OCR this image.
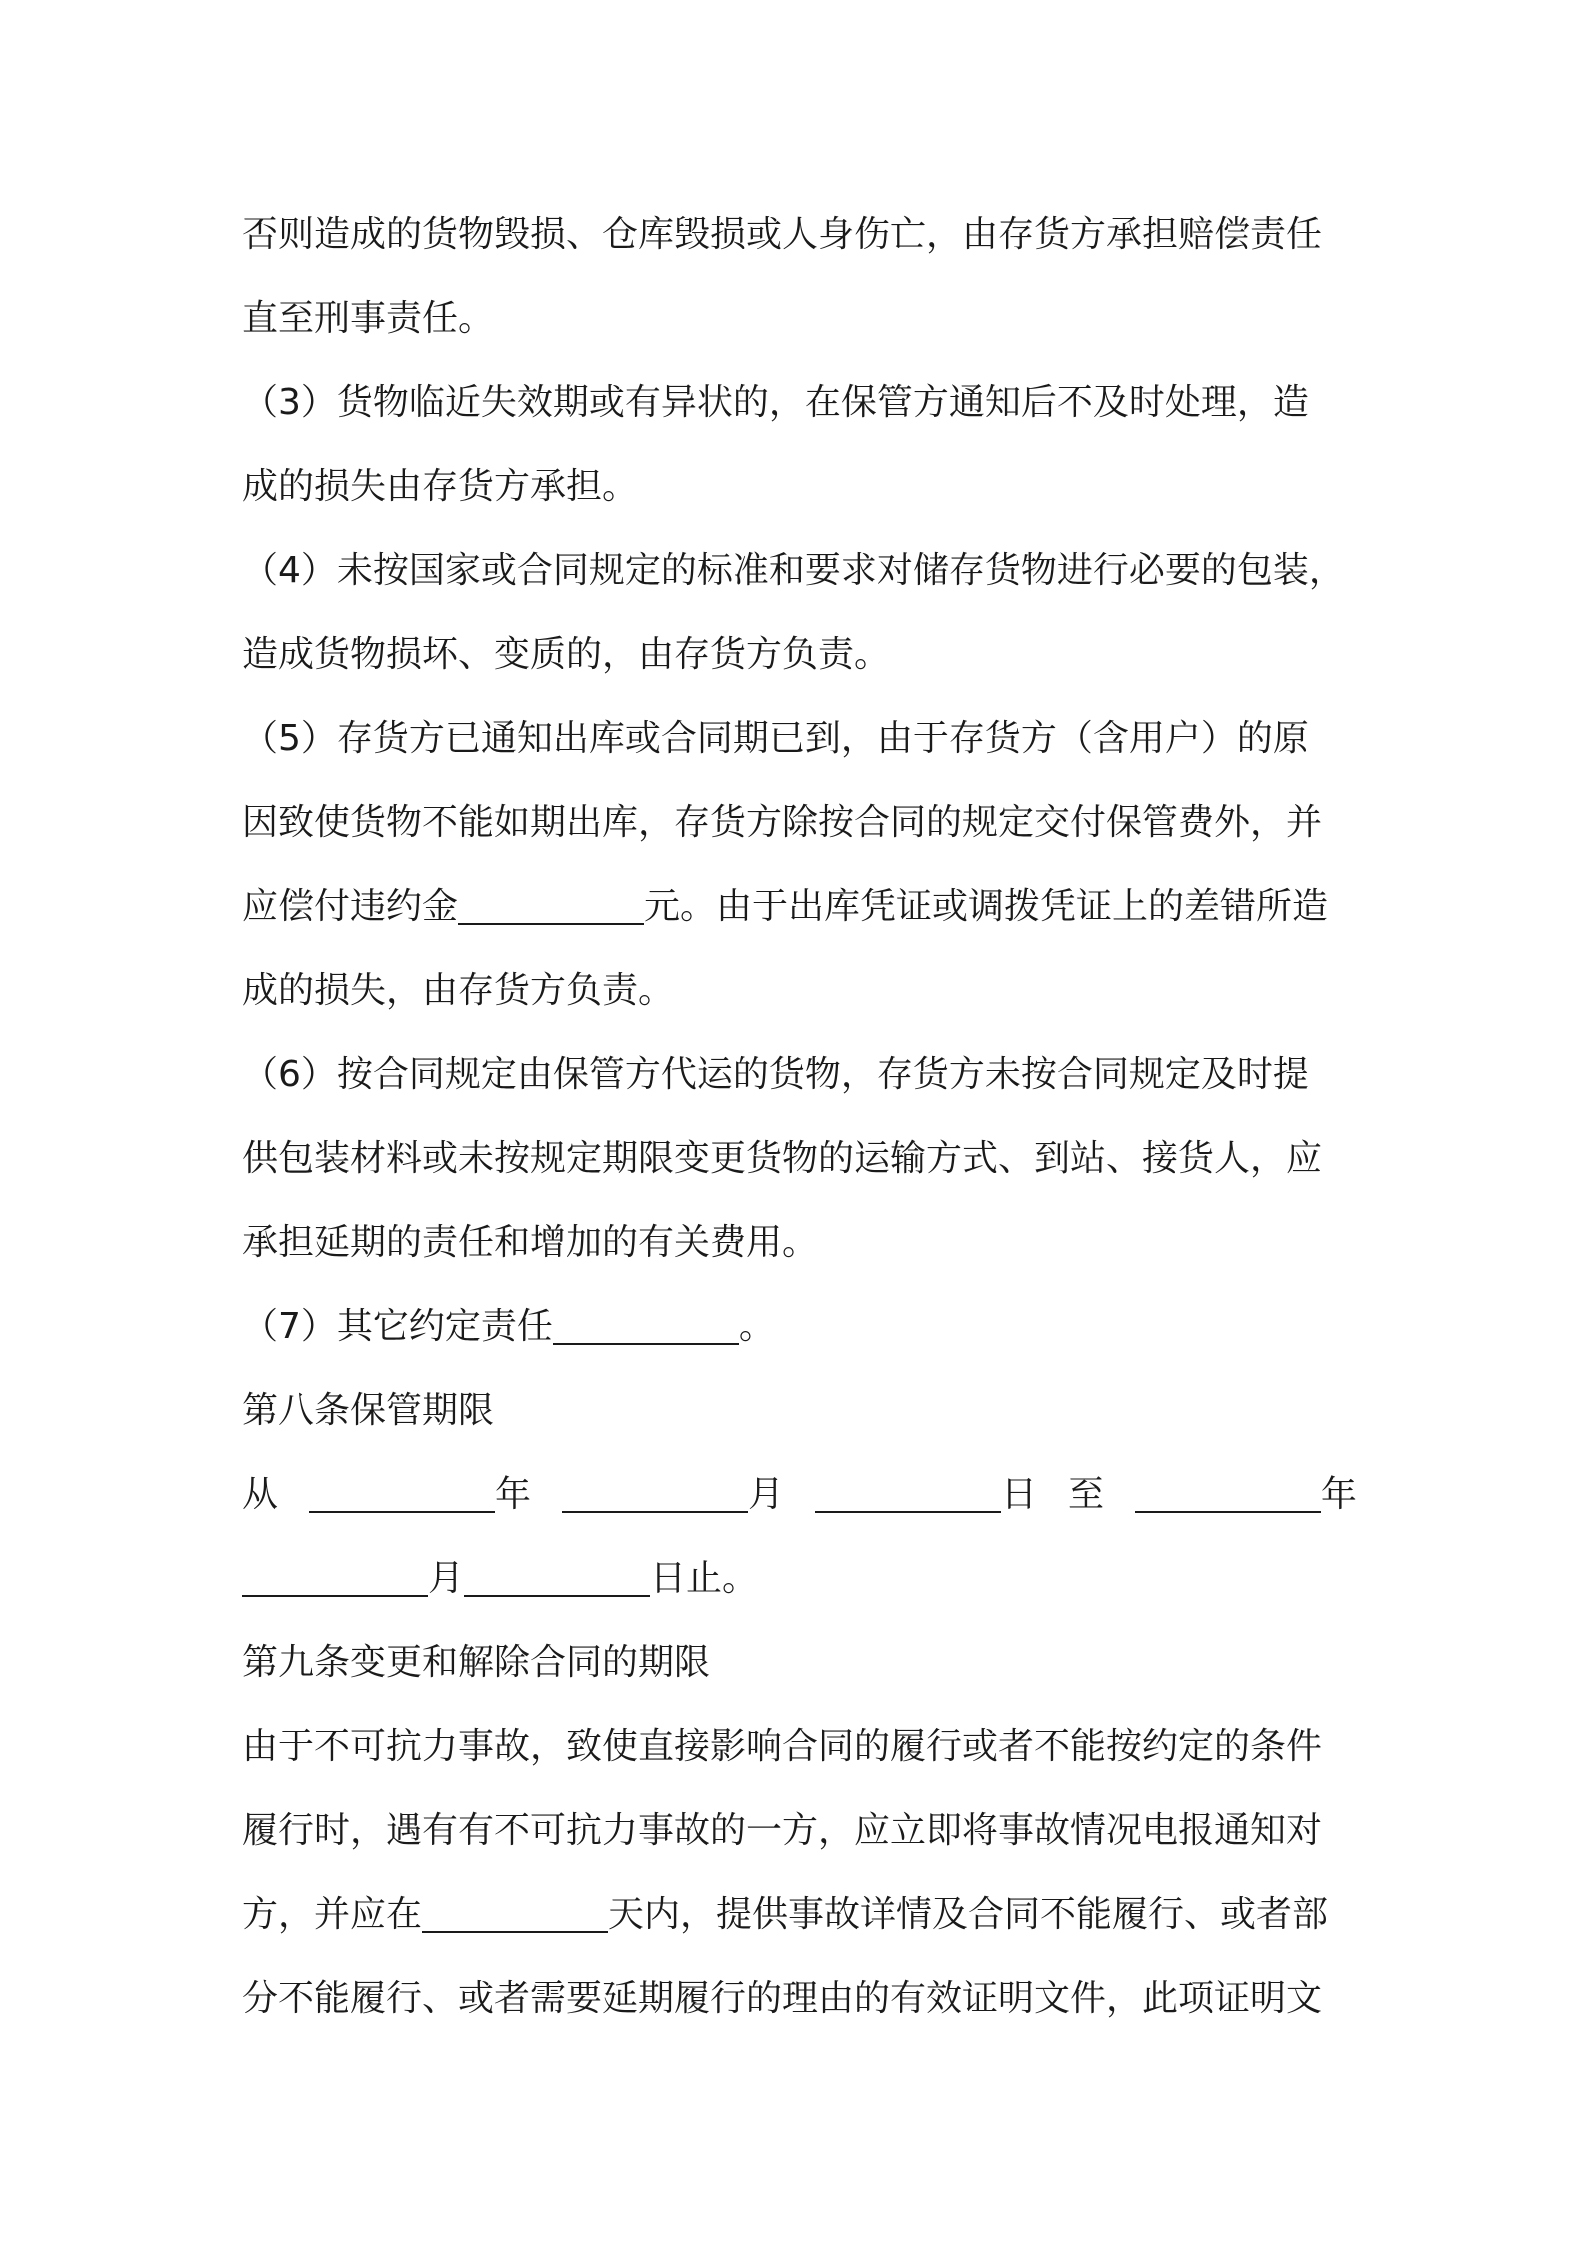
否则造成的货物毁损、仓库毁损或人身伤亡，由存货方承担赔偿责任
直至刑事责任。
（3）货物临近失效期或有异状的，在保管方通知后不及时处理，造
成的损失由存货方承担。
（4）未按国家或合同规定的标准和要求对储存货物进行必要的包装，
造成货物损坏、变质的，由存货方负责。
（5）存货方已通知出库或合同期已到，由于存货方（含用户）的原
因致使货物不能如期出库，存货方除按合同的规定交付保管费外，并
应偿付违约金	元。由于出库凭证或调拨凭证上的差错所造
成的损失，由存货方负责。
（6）按合同规定由保管方代运的货物，存货方未按合同规定及时提
供包装材料或未按规定期限变更货物的运输方式、到站、接货人，应
承担延期的责任和增加的有关费用。
（7）其它约定责任	。
第八条保管期限
从	年	月	日 至	年
月	日止。
第九条变更和解除合同的期限
由于不可抗力事故，致使直接影响合同的履行或者不能按约定的条件
履行时，遇有有不可抗力事故的一方，应立即将事故情况电报通知对
方，并应在	天内，提供事故详情及合同不能履行、或者部
分不能履行、或者需要延期履行的理由的有效证明文件，此项证明文
